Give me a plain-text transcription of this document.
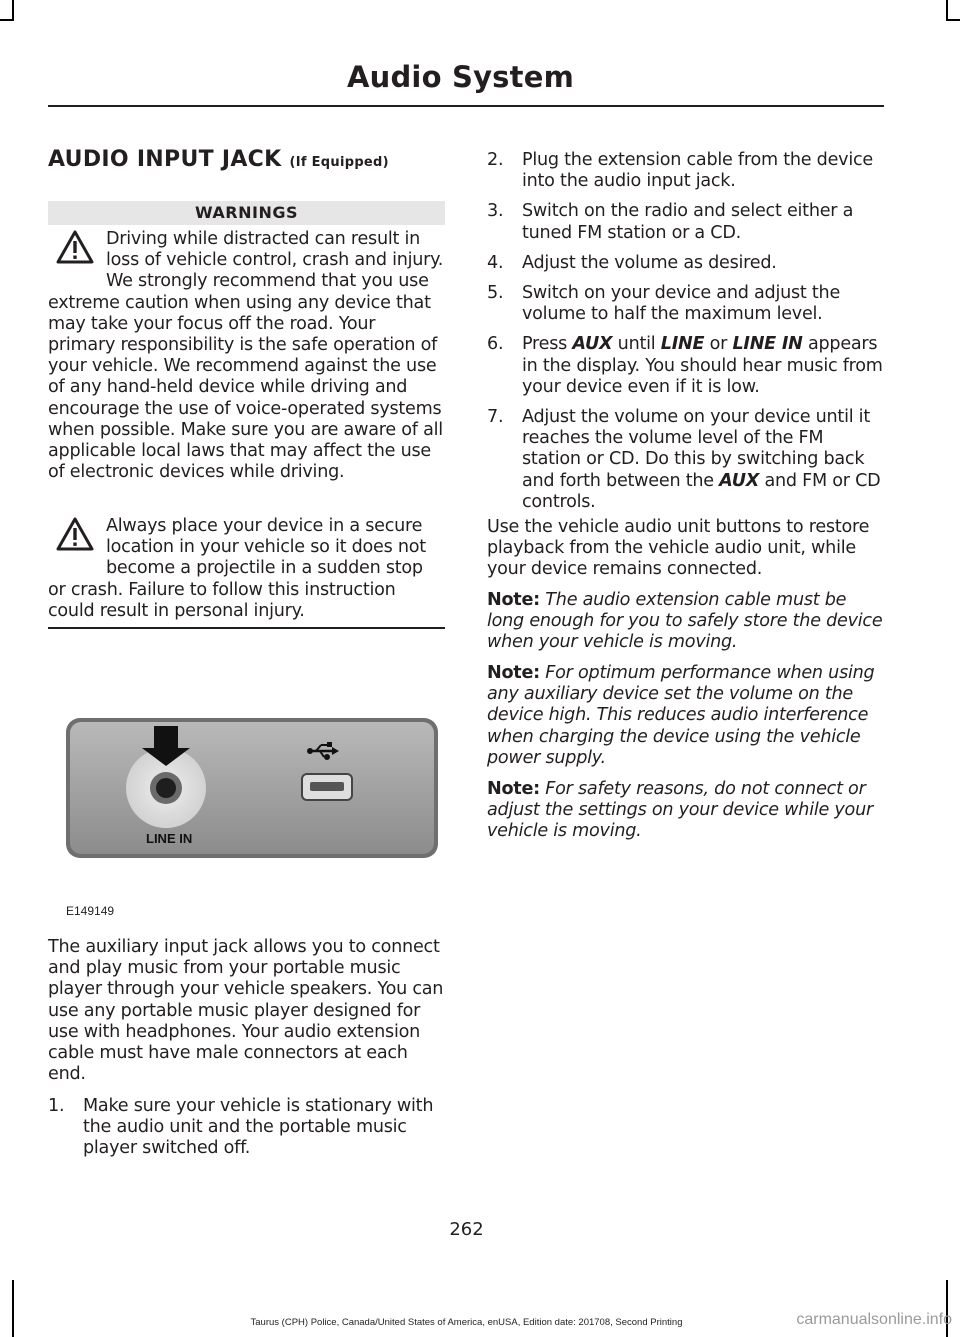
Audio System
AUDIO INPUT JACK (If Equipped)
WARNINGS
Driving while distracted can result in loss of vehicle control, crash and injury. We strongly recommend that you use extreme caution when using any device that may take your focus off the road. Your primary responsibility is the safe operation of your vehicle. We recommend against the use of any hand-held device while driving and encourage the use of voice-operated systems when possible. Make sure you are aware of all applicable local laws that may affect the use of electronic devices while driving.
Always place your device in a secure location in your vehicle so it does not become a projectile in a sudden stop or crash. Failure to follow this instruction could result in personal injury.
LINE IN
E149149
The auxiliary input jack allows you to connect and play music from your portable music player through your vehicle speakers. You can use any portable music player designed for use with headphones. Your audio extension cable must have male connectors at each end.
1. Make sure your vehicle is stationary with the audio unit and the portable music player switched off.
2. Plug the extension cable from the device into the audio input jack.
3. Switch on the radio and select either a tuned FM station or a CD.
4. Adjust the volume as desired.
5. Switch on your device and adjust the volume to half the maximum level.
6. Press AUX until LINE or LINE IN appears in the display. You should hear music from your device even if it is low.
7. Adjust the volume on your device until it reaches the volume level of the FM station or CD. Do this by switching back and forth between the AUX and FM or CD controls.
Use the vehicle audio unit buttons to restore playback from the vehicle audio unit, while your device remains connected.
Note: The audio extension cable must be long enough for you to safely store the device when your vehicle is moving.
Note: For optimum performance when using any auxiliary device set the volume on the device high. This reduces audio interference when charging the device using the vehicle power supply.
Note: For safety reasons, do not connect or adjust the settings on your device while your vehicle is moving.
262
Taurus (CPH) Police, Canada/United States of America, enUSA, Edition date: 201708, Second Printing	carmanualsonline.info
